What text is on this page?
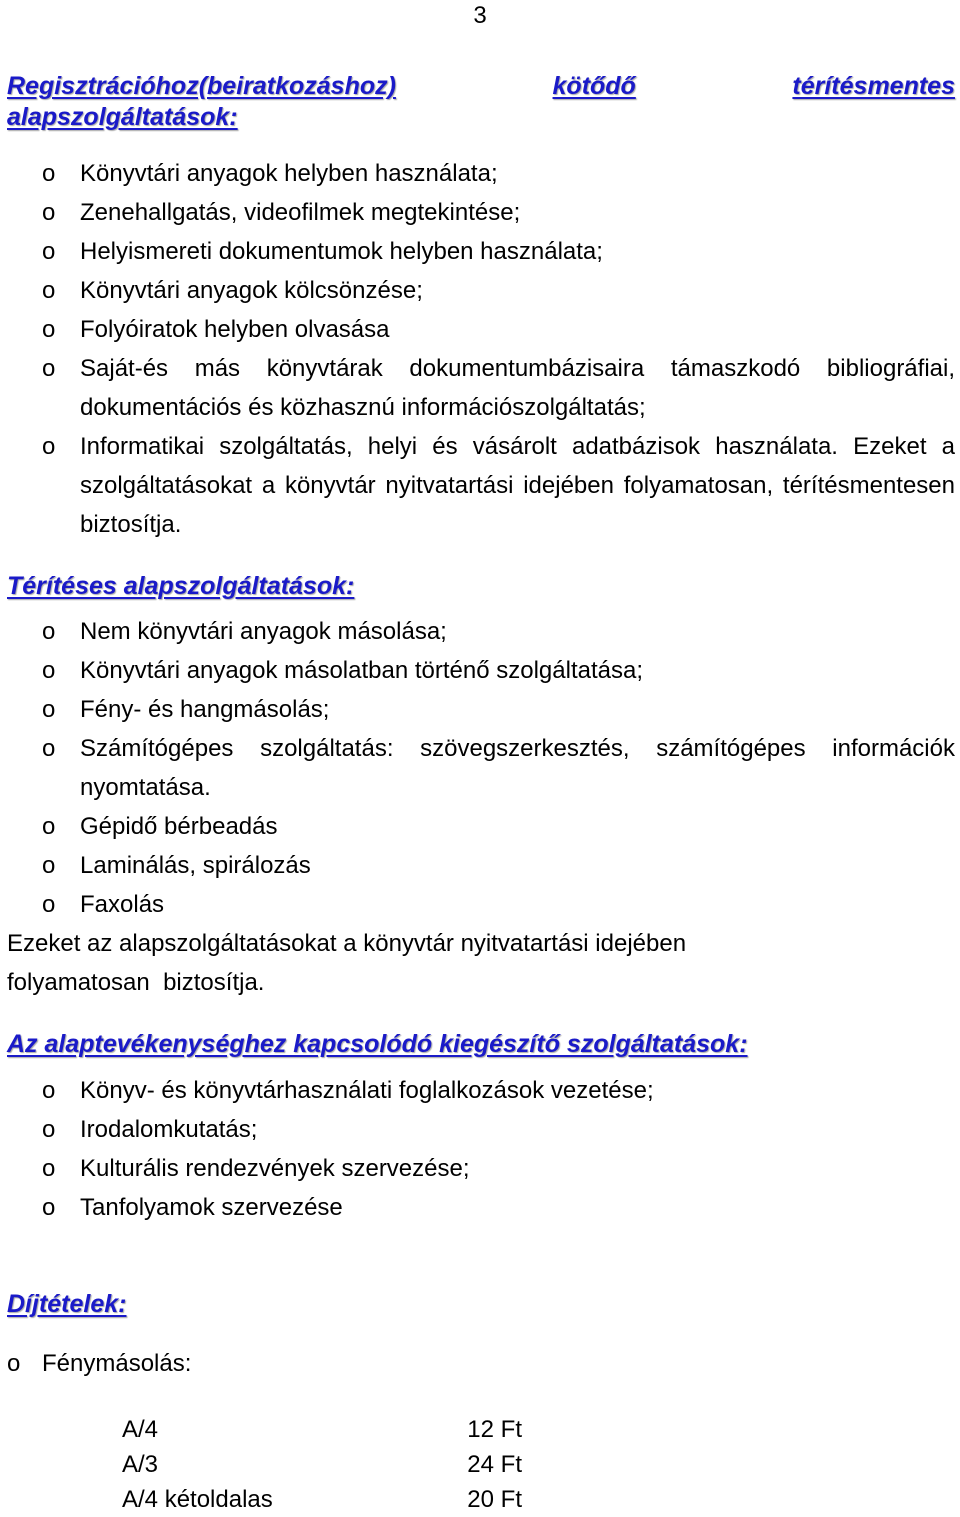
3
Regisztrációhoz(beiratkozáshoz)	kötődő	térítésmentes
alapszolgáltatások:
o Könyvtári anyagok helyben használata;
o Zenehallgatás, videofilmek megtekintése;
o Helyismereti dokumentumok helyben használata;
o Könyvtári anyagok kölcsönzése;
o Folyóiratok helyben olvasása
o Saját-és más könyvtárak dokumentumbázisaira támaszkodó bibliográfiai, dokumentációs és közhasznú információszolgáltatás;
o Informatikai szolgáltatás, helyi és vásárolt adatbázisok használata. Ezeket a szolgáltatásokat a könyvtár nyitvatartási idejében folyamatosan, térítésmentesen biztosítja.
Térítéses alapszolgáltatások:
o Nem könyvtári anyagok másolása;
o Könyvtári anyagok másolatban történő szolgáltatása;
o Fény- és hangmásolás;
o Számítógépes szolgáltatás: szövegszerkesztés, számítógépes információk nyomtatása.
o Gépidő bérbeadás
o Laminálás, spirálozás
o Faxolás
Ezeket az alapszolgáltatásokat a könyvtár nyitvatartási idejében
folyamatosan  biztosítja.
Az alaptevékenységhez kapcsolódó kiegészítő szolgáltatások:
o Könyv- és könyvtárhasználati foglalkozások vezetése;
o Irodalomkutatás;
o Kulturális rendezvények szervezése;
o Tanfolyamok szervezése
Díjtételek:
o Fénymásolás:
A/4	12 Ft
A/3	24 Ft
A/4 kétoldalas	20 Ft
